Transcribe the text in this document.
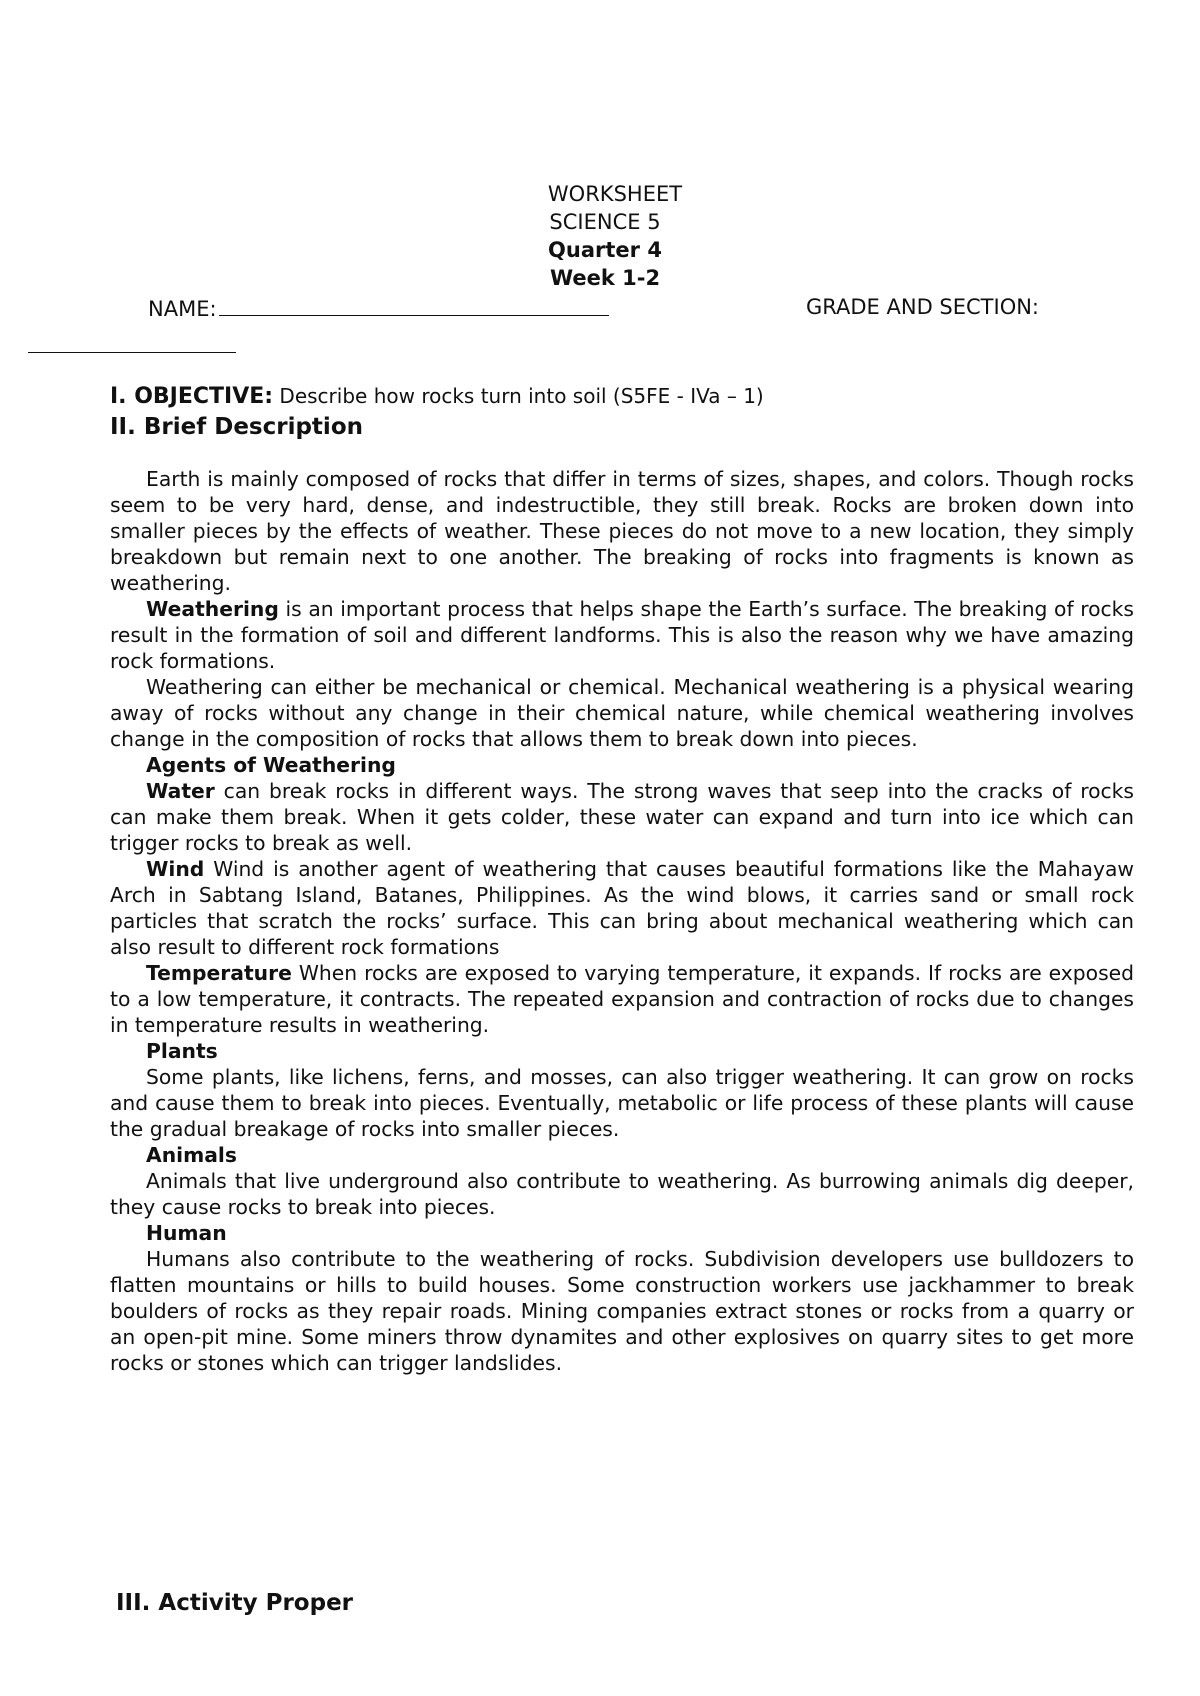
WORKSHEET
SCIENCE 5
Quarter 4
Week 1-2
NAME:	GRADE AND SECTION:
I. OBJECTIVE: Describe how rocks turn into soil (S5FE - IVa – 1)
II. Brief Description

Earth is mainly composed of rocks that differ in terms of sizes, shapes, and colors. Though rocks seem to be very hard, dense, and indestructible, they still break. Rocks are broken down into smaller pieces by the effects of weather. These pieces do not move to a new location, they simply breakdown but remain next to one another. The breaking of rocks into fragments is known as weathering.

Weathering is an important process that helps shape the Earth’s surface. The breaking of rocks result in the formation of soil and different landforms. This is also the reason why we have amazing rock formations.

Weathering can either be mechanical or chemical. Mechanical weathering is a physical wearing away of rocks without any change in their chemical nature, while chemical weathering involves change in the composition of rocks that allows them to break down into pieces.

Agents of Weathering

Water can break rocks in different ways. The strong waves that seep into the cracks of rocks can make them break. When it gets colder, these water can expand and turn into ice which can trigger rocks to break as well.

Wind Wind is another agent of weathering that causes beautiful formations like the Mahayaw Arch in Sabtang Island, Batanes, Philippines. As the wind blows, it carries sand or small rock particles that scratch the rocks’ surface. This can bring about mechanical weathering which can also result to different rock formations

Temperature When rocks are exposed to varying temperature, it expands. If rocks are exposed to a low temperature, it contracts. The repeated expansion and contraction of rocks due to changes in temperature results in weathering.

Plants

Some plants, like lichens, ferns, and mosses, can also trigger weathering. It can grow on rocks and cause them to break into pieces. Eventually, metabolic or life process of these plants will cause the gradual breakage of rocks into smaller pieces.

Animals

Animals that live underground also contribute to weathering. As burrowing animals dig deeper, they cause rocks to break into pieces.

Human

Humans also contribute to the weathering of rocks. Subdivision developers use bulldozers to flatten mountains or hills to build houses. Some construction workers use jackhammer to break boulders of rocks as they repair roads. Mining companies extract stones or rocks from a quarry or an open-pit mine. Some miners throw dynamites and other explosives on quarry sites to get more rocks or stones which can trigger landslides.

III. Activity Proper
